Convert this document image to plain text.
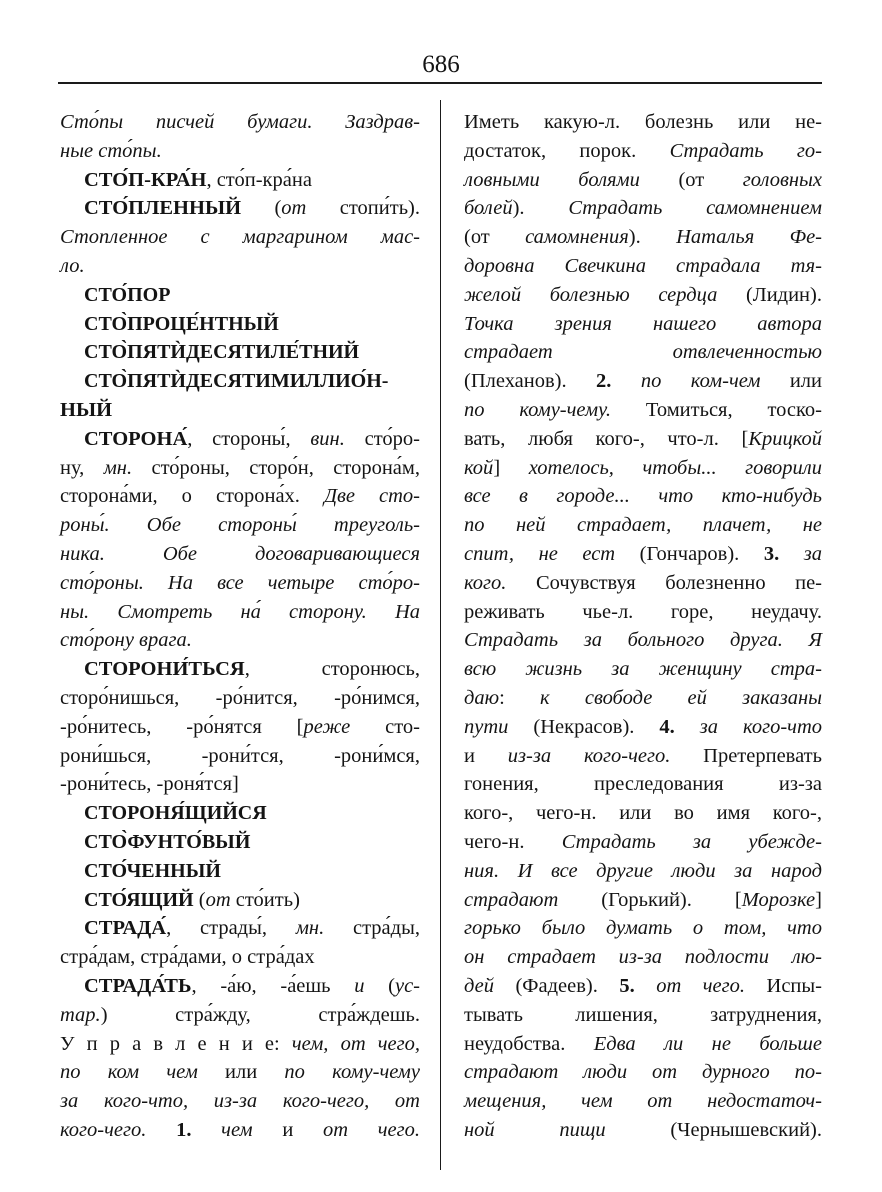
686
Сто́пы писчей бумаги. Заздрав-
ные сто́пы.
СТО́П-КРА́Н, сто́п-кра́на
СТО́ПЛЕННЫЙ (от стопи́ть).
Стопленное с маргарином мас-
ло.
СТО́ПОР
СТО̀ПРОЦЕ́НТНЫЙ
СТО̀ПЯТЍДЕСЯТИЛЕ́ТНИЙ
СТО̀ПЯТЍДЕСЯТИМИЛЛИО́Н-
НЫЙ
СТОРОНА́, стороны́, вин. сто́ро-
ну, мн. сто́роны, сторо́н, сторона́м,
сторона́ми, о сторона́х. Две сто-
роны́. Обе стороны́ треуголь-
ника. Обе договаривающиеся
сто́роны. На все четыре сто́ро-
ны. Смотреть на́ сторону. На
сто́рону врага.
СТОРОНИ́ТЬСЯ, сторонюсь,
сторо́нишься, -ро́нится, -ро́нимся,
-ро́нитесь, -ро́нятся [реже сто-
рони́шься, -рони́тся, -рони́мся,
-рони́тесь, -роня́тся]
СТОРОНЯ́ЩИЙСЯ
СТО̀ФУНТО́ВЫЙ
СТО́ЧЕННЫЙ
СТО́ЯЩИЙ (от сто́ить)
СТРАДА́, страды́, мн. стра́ды,
стра́дам, стра́дами, о стра́дах
СТРАДА́ТЬ, -а́ю, -а́ешь и (ус-
тар.) стра́жду, стра́ждешь.
У п р а в л е н и е: чем, от чего,
по ком чем или по кому-чему
за кого-что, из-за кого-чего, от
кого-чего. 1. чем и от чего.
Иметь какую-л. болезнь или не-
достаток, порок. Страдать го-
ловными болями (от головных
болей). Страдать самомнением
(от самомнения). Наталья Фе-
доровна Свечкина страдала тя-
желой болезнью сердца (Лидин).
Точка зрения нашего автора
страдает отвлеченностью
(Плеханов). 2. по ком-чем или
по кому-чему. Томиться, тоско-
вать, любя кого-, что-л. [Крицкой
кой] хотелось, чтобы... говорили
все в городе... что кто-нибудь
по ней страдает, плачет, не
спит, не ест (Гончаров). 3. за
кого. Сочувствуя болезненно пе-
реживать чье-л. горе, неудачу.
Страдать за больного друга. Я
всю жизнь за женщину стра-
даю: к свободе ей заказаны
пути (Некрасов). 4. за кого-что
и из-за кого-чего. Претерпевать
гонения, преследования из-за
кого-, чего-н. или во имя кого-,
чего-н. Страдать за убежде-
ния. И все другие люди за народ
страдают (Горький). [Морозке]
горько было думать о том, что
он страдает из-за подлости лю-
дей (Фадеев). 5. от чего. Испы-
тывать лишения, затруднения,
неудобства. Едва ли не больше
страдают люди от дурного по-
мещения, чем от недостаточ-
ной пищи (Чернышевский).
